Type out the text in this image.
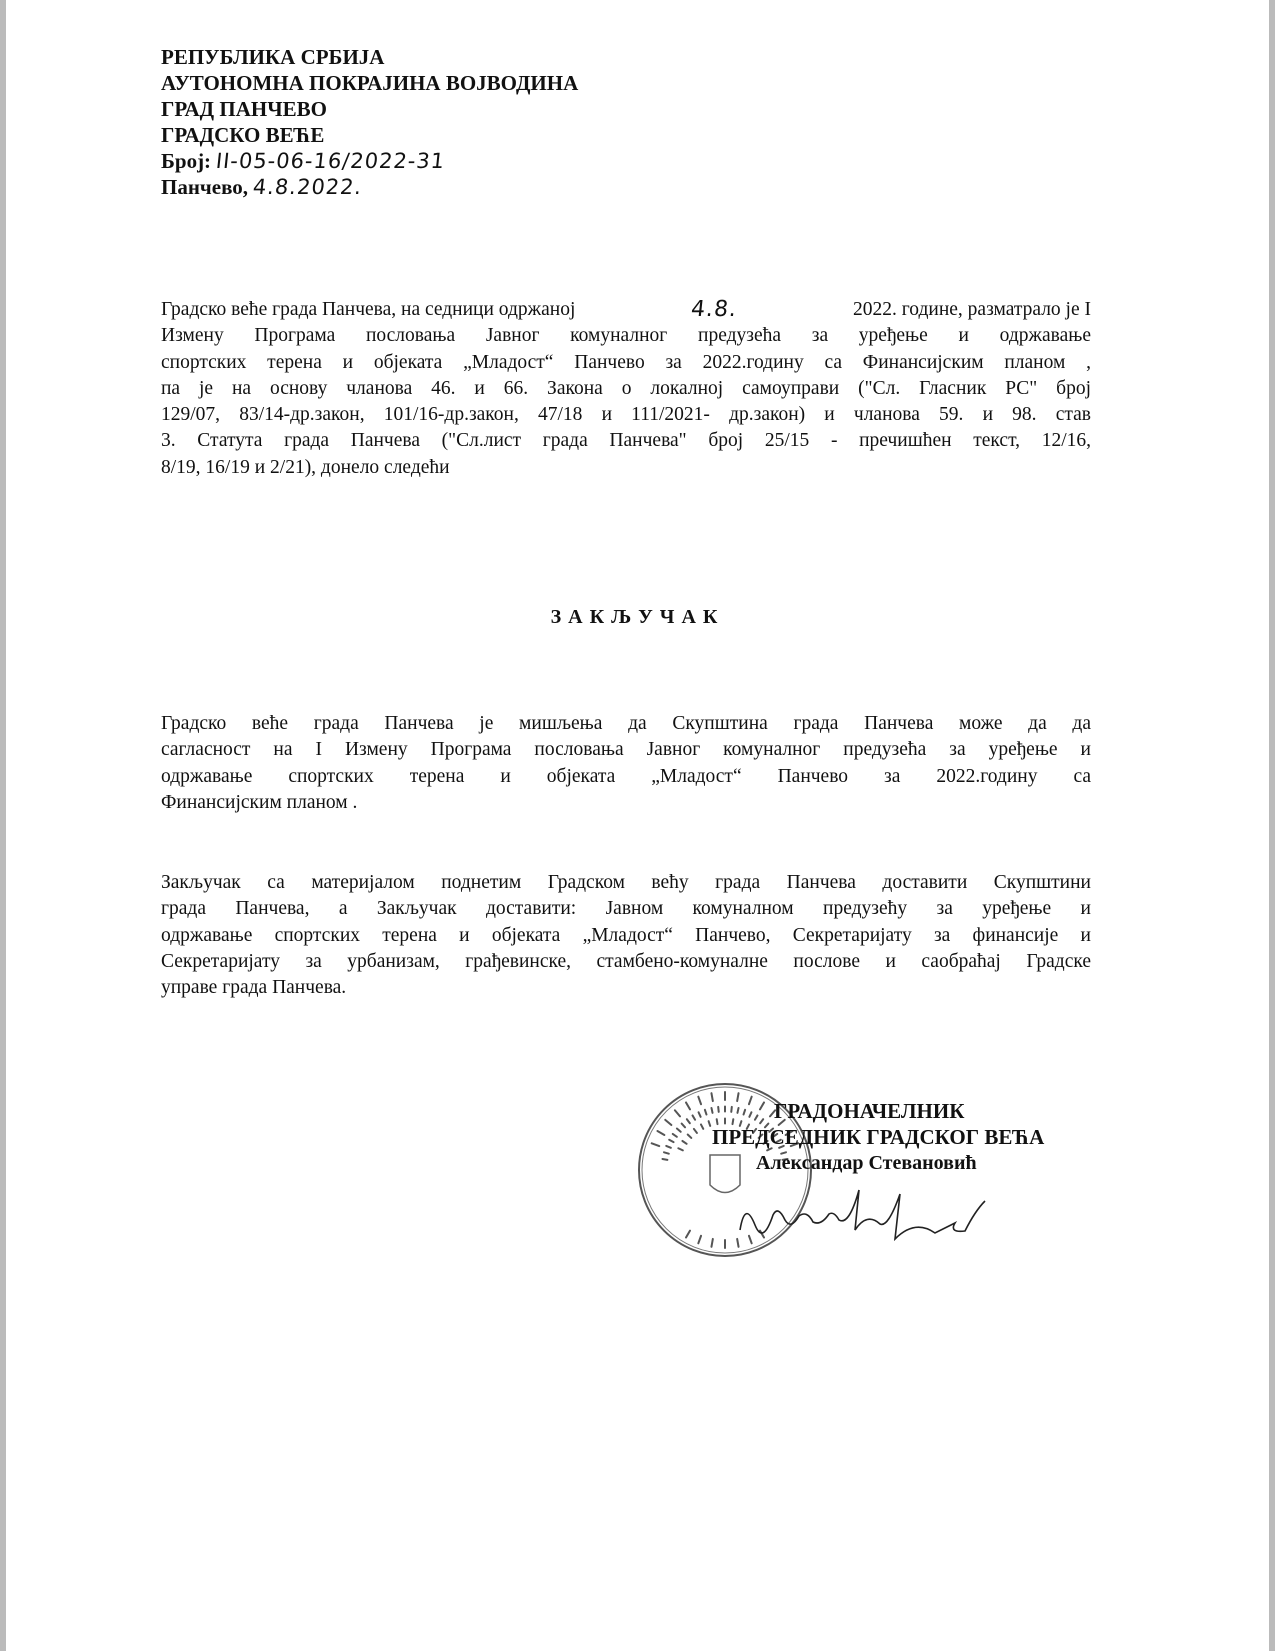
РЕПУБЛИКА СРБИЈА
АУТОНОМНА ПОКРАЈИНА ВОЈВОДИНА
ГРАД ПАНЧЕВО
ГРАДСКО ВЕЋЕ
Број: II-05-06-16/2022-31
Панчево, 4.8.2022.
Градско веће града Панчева, на седници одржаној	4.8.	2022. године, разматрало је I
Измену Програма пословања Јавног комуналног предузећа за уређење и одржавање
спортских терена и објеката „Младост“ Панчево за 2022.годину са Финансијским планом ,
па је на основу чланова 46. и 66. Закона о локалној самоуправи ("Сл. Гласник РС" број
129/07, 83/14-др.закон, 101/16-др.закон, 47/18 и 111/2021- др.закон) и чланова 59. и 98. став
3. Статута града Панчева ("Сл.лист града Панчева" број 25/15 - пречишћен текст, 12/16,
8/19, 16/19 и 2/21), донело следећи
ЗАКЉУЧАК
Градско веће града Панчева је мишљења да Скупштина града Панчева може да да
сагласност на I Измену Програма пословања Јавног комуналног предузећа за уређење и
одржавање спортских терена и објеката „Младост“ Панчево за 2022.годину са
Финансијским планом .
Закључак са материјалом поднетим Градском већу града Панчева доставити Скупштини
града Панчева, а Закључак доставити: Јавном комуналном предузећу за уређење и
одржавање спортских терена и објеката „Младост“ Панчево, Секретаријату за финансије и
Секретаријату за урбанизам, грађевинске, стамбено-комуналне послове и саобраћај Градске
управе града Панчева.
ГРАДОНАЧЕЛНИК
ПРЕДСЕДНИК ГРАДСКОГ ВЕЋА
Александар Стевановић
